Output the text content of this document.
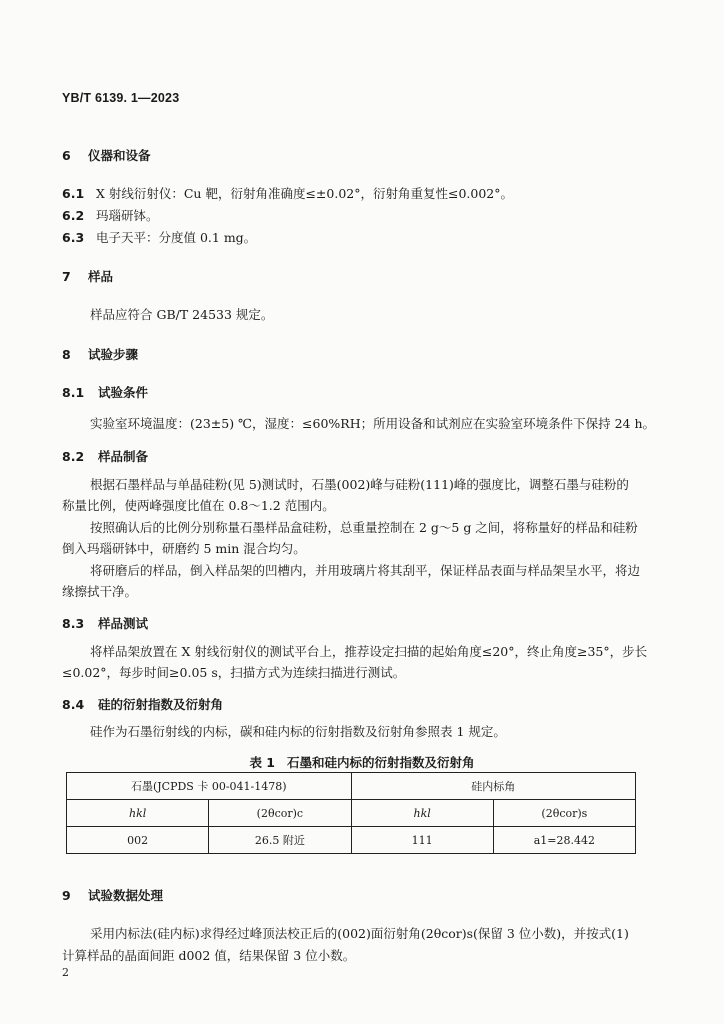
YB/T 6139. 1—2023
6 仪器和设备
6.1 X 射线衍射仪：Cu 靶，衍射角准确度≤±0.02°，衍射角重复性≤0.002°。
6.2 玛瑙研钵。
6.3 电子天平：分度值 0.1 mg。
7 样品
样品应符合 GB/T 24533 规定。
8 试验步骤
8.1 试验条件
实验室环境温度：(23±5) ℃，湿度：≤60%RH；所用设备和试剂应在实验室环境条件下保持 24 h。
8.2 样品制备
根据石墨样品与单晶硅粉(见 5)测试时，石墨(002)峰与硅粉(111)峰的强度比，调整石墨与硅粉的
称量比例，使两峰强度比值在 0.8～1.2 范围内。
按照确认后的比例分别称量石墨样品盒硅粉，总重量控制在 2 g～5 g 之间，将称量好的样品和硅粉
倒入玛瑙研钵中，研磨约 5 min 混合均匀。
将研磨后的样品，倒入样品架的凹槽内，并用玻璃片将其刮平，保证样品表面与样品架呈水平，将边
缘擦拭干净。
8.3 样品测试
将样品架放置在 X 射线衍射仪的测试平台上，推荐设定扫描的起始角度≤20°，终止角度≥35°，步长
≤0.02°，每步时间≥0.05 s，扫描方式为连续扫描进行测试。
8.4 硅的衍射指数及衍射角
硅作为石墨衍射线的内标，碳和硅内标的衍射指数及衍射角参照表 1 规定。
表 1 石墨和硅内标的衍射指数及衍射角
石墨(JCPDS 卡 00-041-1478)		硅内标角	
hkl	(2θcor)c	hkl	(2θcor)s
002	26.5 附近	111	a1=28.442
9 试验数据处理
采用内标法(硅内标)求得经过峰顶法校正后的(002)面衍射角(2θcor)s(保留 3 位小数)，并按式(1)
计算样品的晶面间距 d002 值，结果保留 3 位小数。
2
